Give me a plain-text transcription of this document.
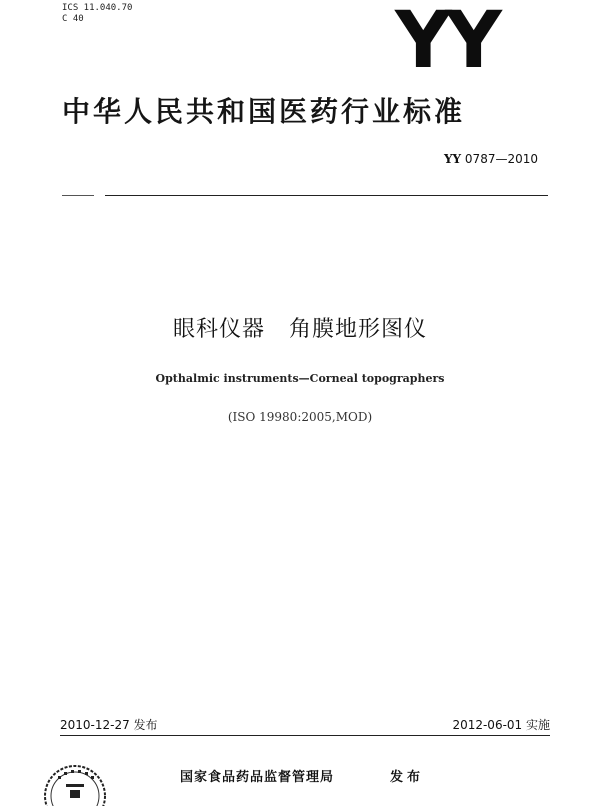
ICS 11.040.70
C 40	YY
中华人民共和国医药行业标准
YY 0787—2010
眼科仪器   角膜地形图仪
Opthalmic instruments—Corneal topographers
(ISO 19980:2005,MOD)
2010-12-27 发布	2012-06-01 实施
国家食品药品监督管理局	发布
